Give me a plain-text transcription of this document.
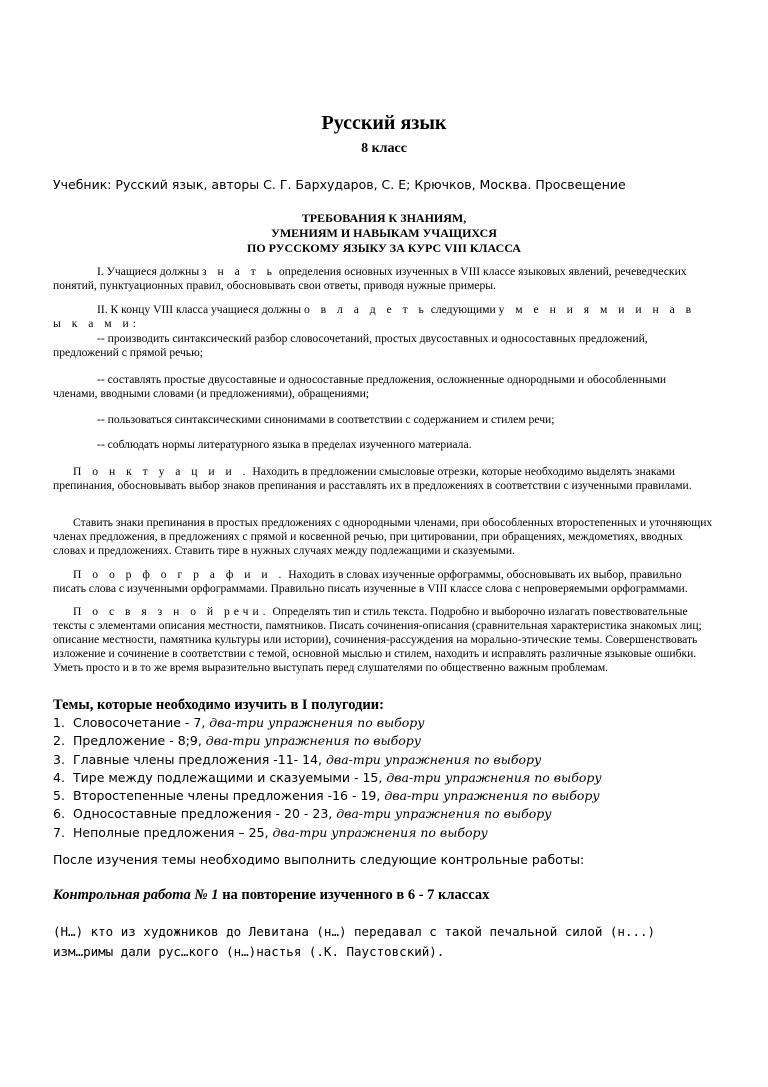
Русский язык
8 класс
Учебник: Русский язык, авторы С. Г. Бархударов, С. Е; Крючков, Москва. Просвещение
ТРЕБОВАНИЯ К ЗНАНИЯМ,
УМЕНИЯМ И НАВЫКАМ УЧАЩИХСЯ
ПО РУССКОМУ ЯЗЫКУ ЗА КУРС VIII КЛАССА

I. Учащиеся должны з н а т ь определения основных изученных в VIII классе языковых явлений, речеведческих понятий, пунктуационных правил, обосновывать свои ответы, приводя нужные примеры.

II. К концу VIII класса учащиеся должны о в л а д е т ь следующими у м е н и я м и и н а в ы к а м и:

-- производить синтаксический разбор словосочетаний, простых двусоставных и односоставных предложений, предложений с прямой речью;

-- составлять простые двусоставные и односоставные предложения, осложненные однородными и обособленными членами, вводными словами (и предложениями), обращениями;

-- пользоваться синтаксическими синонимами в соответствии с содержанием и стилем речи;

-- соблюдать нормы литературного языка в пределах изученного материала.

П о н к т у а ц и и . Находить в предложении смысловые отрезки, которые необходимо выделять знаками препинания, обосновывать выбор знаков препинания и расставлять их в предложениях в соответствии с изученными правилами.

Ставить знаки препинания в простых предложениях с однородными членами, при обособленных второстепенных и уточняющих членах предложения, в предложениях с прямой и косвенной речью, при цитировании, при обращениях, междометиях, вводных словах и предложениях. Ставить тире в нужных случаях между подлежащими и сказуемыми.

П о о р ф о г р а ф и и . Находить в словах изученные орфограммы, обосновывать их выбор, правильно писать слова с изученными орфограммами. Правильно писать изученные в VIII классе слова с непроверяемыми орфограммами.

П о с в я з н о й речи. Определять тип и стиль текста. Подробно и выборочно излагать повествовательные тексты с элементами описания местности, памятников. Писать сочинения-описания (сравнительная характеристика знакомых лиц; описание местности, памятника культуры или истории), сочинения-рассуждения на морально-этические темы. Совершенствовать изложение и сочинение в соответствии с темой, основной мыслью и стилем, находить и исправлять различные языковые ошибки. Уметь просто и в то же время выразительно выступать перед слушателями по общественно важным проблемам.

Темы, которые необходимо изучить в I полугодии:
1. Словосочетание - 7, два-три упражнения по выбору
2. Предложение - 8;9, два-три упражнения по выбору
3. Главные члены предложения -11- 14, два-три упражнения по выбору
4. Тире между подлежащими и сказуемыми - 15, два-три упражнения по выбору
5. Второстепенные члены предложения -16 - 19, два-три упражнения по выбору
6. Односоставные предложения - 20 - 23, два-три упражнения по выбору
7. Неполные предложения – 25, два-три упражнения по выбору
После изучения темы необходимо выполнить следующие контрольные работы:
Контрольная работа № 1 на повторение изученного в 6 - 7 классах
(Н…) кто из художников до Левитана (н…) передавал с такой печальной силой (н...)
изм…римы дали рус…кого (н…)настья (.К. Паустовский).
